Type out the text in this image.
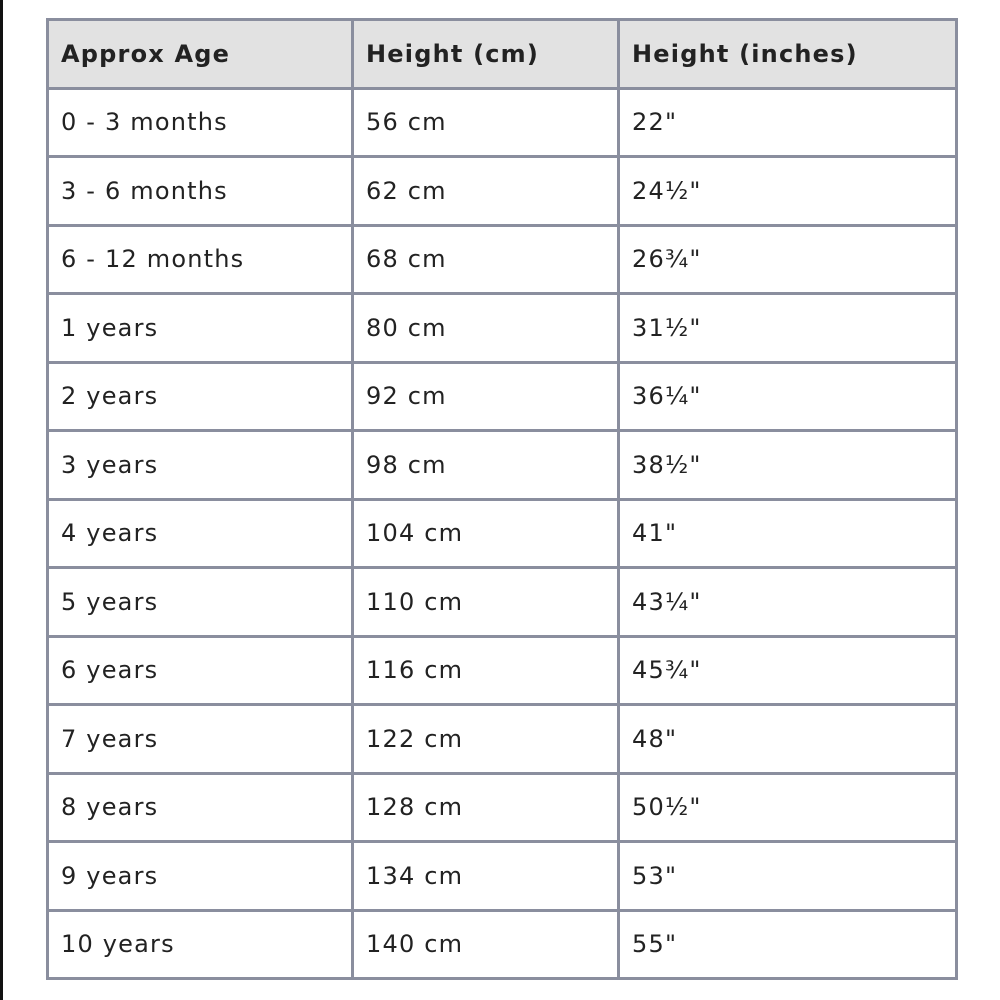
Approx Age	Height (cm)	Height (inches)
0 - 3 months	56 cm	22"
3 - 6 months	62 cm	24½"
6 - 12 months	68 cm	26¾"
1 years	80 cm	31½"
2 years	92 cm	36¼"
3 years	98 cm	38½"
4 years	104 cm	41"
5 years	110 cm	43¼"
6 years	116 cm	45¾"
7 years	122 cm	48"
8 years	128 cm	50½"
9 years	134 cm	53"
10 years	140 cm	55"
